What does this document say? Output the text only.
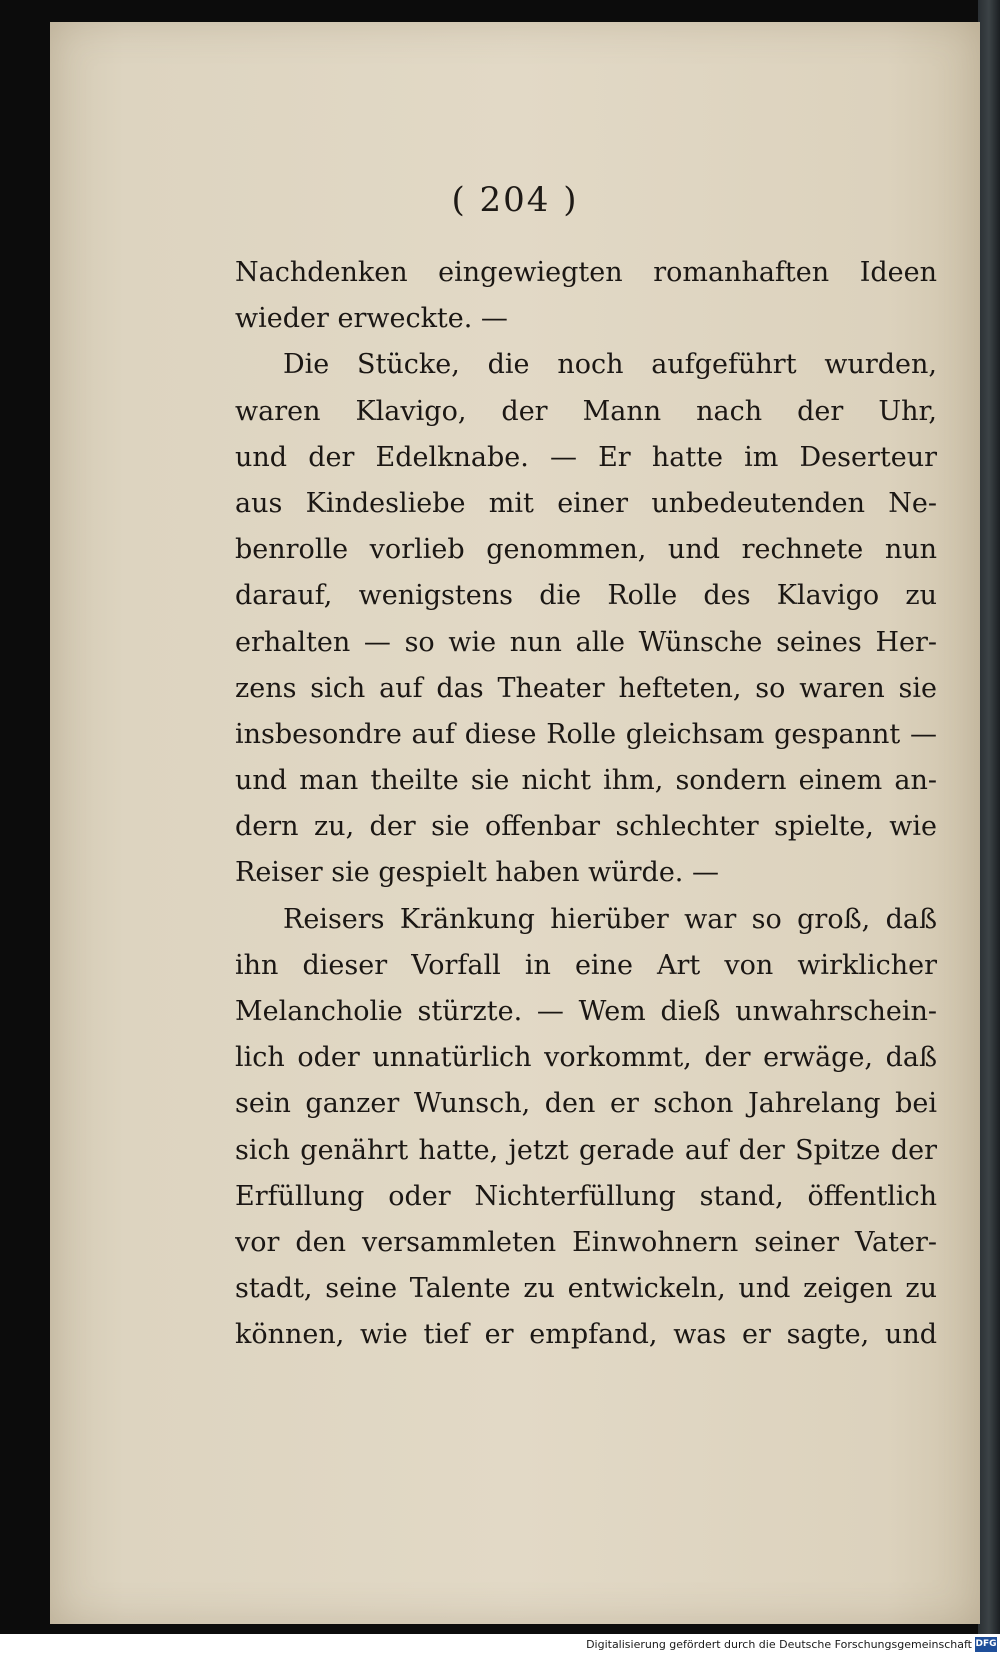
( 204 )
Nachdenken eingewiegten romanhaften Ideen
wieder erweckte. —
Die Stücke, die noch aufgeführt wurden,
waren Klavigo, der Mann nach der Uhr,
und der Edelknabe. — Er hatte im Deserteur
aus Kindesliebe mit einer unbedeutenden Ne-
benrolle vorlieb genommen, und rechnete nun
darauf, wenigstens die Rolle des Klavigo zu
erhalten — so wie nun alle Wünsche seines Her-
zens sich auf das Theater hefteten, so waren sie
insbesondre auf diese Rolle gleichsam gespannt —
und man theilte sie nicht ihm, sondern einem an-
dern zu, der sie offenbar schlechter spielte, wie
Reiser sie gespielt haben würde. —
Reisers Kränkung hierüber war so groß, daß
ihn dieser Vorfall in eine Art von wirklicher
Melancholie stürzte. — Wem dieß unwahrschein-
lich oder unnatürlich vorkommt, der erwäge, daß
sein ganzer Wunsch, den er schon Jahrelang bei
sich genährt hatte, jetzt gerade auf der Spitze der
Erfüllung oder Nichterfüllung stand, öffentlich
vor den versammleten Einwohnern seiner Vater-
stadt, seine Talente zu entwickeln, und zeigen zu
können, wie tief er empfand, was er sagte, und
Digitalisierung gefördert durch die Deutsche Forschungsgemeinschaft DFG
